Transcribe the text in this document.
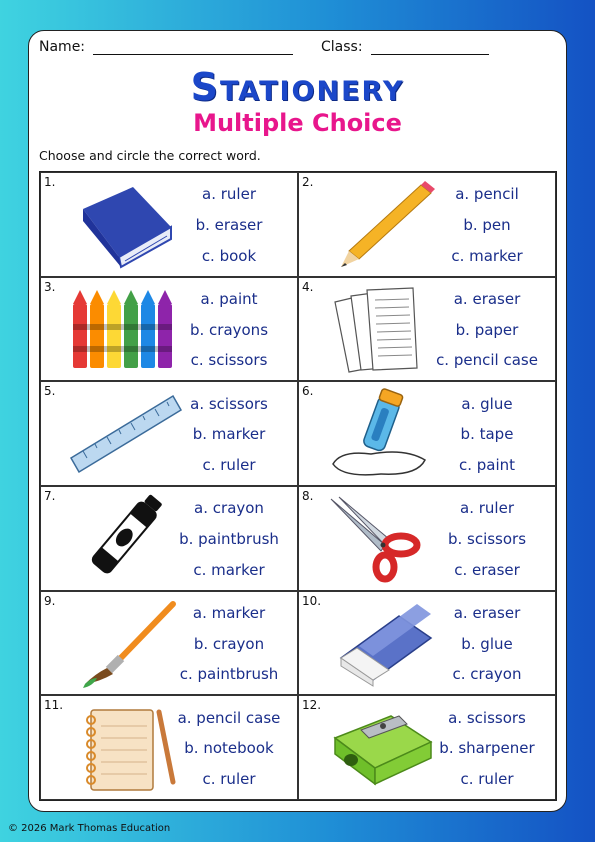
Name:	Class:
Stationery
Multiple Choice
Choose and circle the correct word.
1.
a. ruler
b. eraser
c. book
2.
a. pencil
b. pen
c. marker
3.
a. paint
b. crayons
c. scissors
4.
a. eraser
b. paper
c. pencil case
5.
a. scissors
b. marker
c. ruler
6.
a. glue
b. tape
c. paint
7.
a. crayon
b. paintbrush
c. marker
8.
a. ruler
b. scissors
c. eraser
9.
a. marker
b. crayon
c. paintbrush
10.
a. eraser
b. glue
c. crayon
11.
a. pencil case
b. notebook
c. ruler
12.
a. scissors
b. sharpener
c. ruler
© 2026 Mark Thomas Education
